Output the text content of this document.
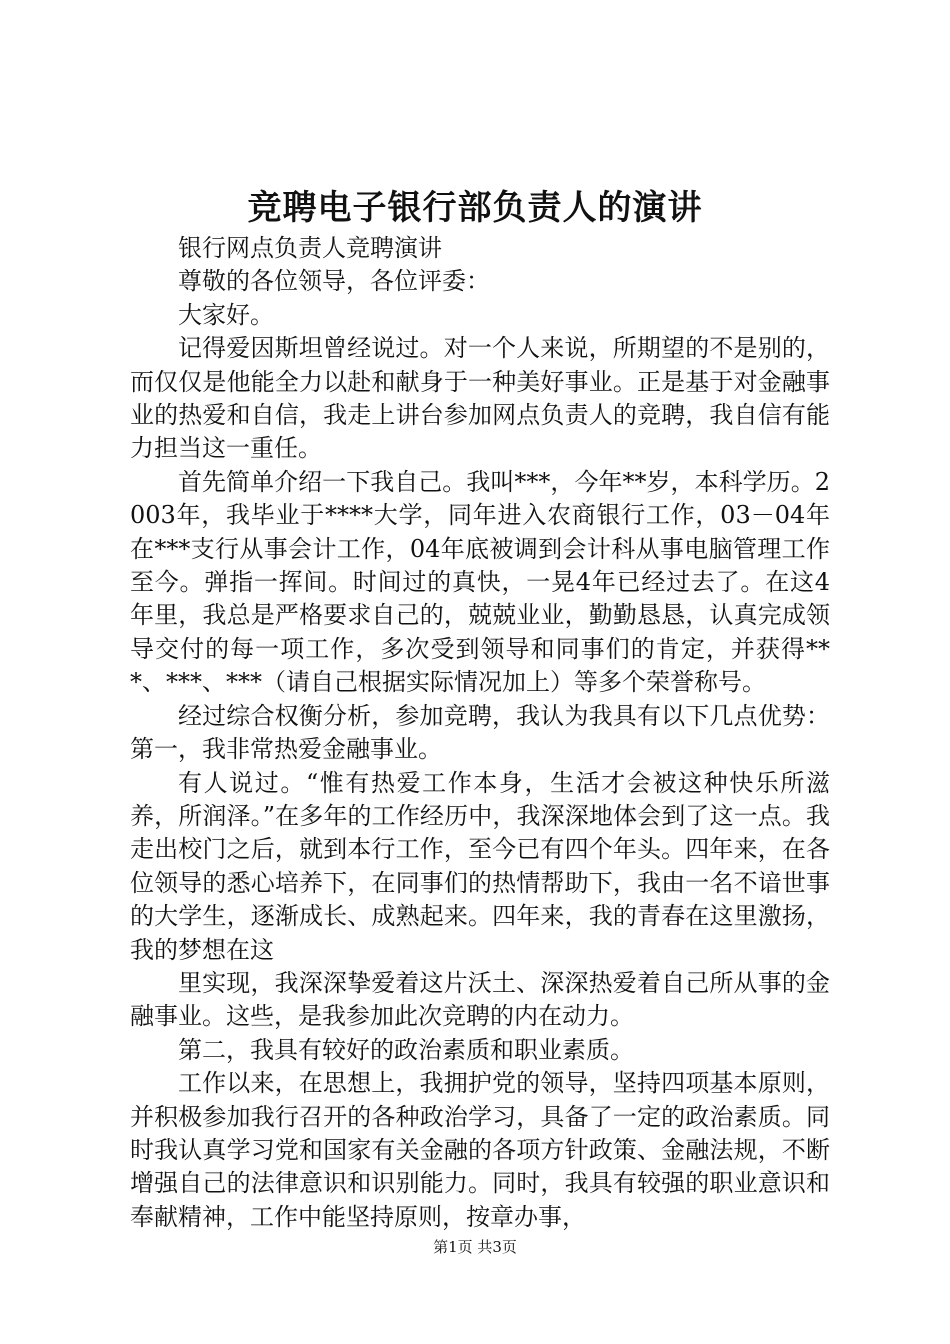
竞聘电子银行部负责人的演讲

银行网点负责人竞聘演讲

尊敬的各位领导，各位评委：

大家好。

记得爱因斯坦曾经说过。对一个人来说，所期望的不是别的，而仅仅是他能全力以赴和献身于一种美好事业。正是基于对金融事业的热爱和自信，我走上讲台参加网点负责人的竞聘，我自信有能力担当这一重任。

首先简单介绍一下我自己。我叫***，今年**岁，本科学历。2003年，我毕业于****大学，同年进入农商银行工作，03－04年在***支行从事会计工作，04年底被调到会计科从事电脑管理工作至今。弹指一挥间。时间过的真快，一晃4年已经过去了。在这4年里，我总是严格要求自己的，兢兢业业，勤勤恳恳，认真完成领导交付的每一项工作，多次受到领导和同事们的肯定，并获得***、***、***（请自己根据实际情况加上）等多个荣誉称号。

经过综合权衡分析，参加竞聘，我认为我具有以下几点优势：第一，我非常热爱金融事业。

有人说过。“惟有热爱工作本身，生活才会被这种快乐所滋养，所润泽。”在多年的工作经历中，我深深地体会到了这一点。我走出校门之后，就到本行工作，至今已有四个年头。四年来，在各位领导的悉心培养下，在同事们的热情帮助下，我由一名不谙世事的大学生，逐渐成长、成熟起来。四年来，我的青春在这里激扬，我的梦想在这

里实现，我深深挚爱着这片沃土、深深热爱着自己所从事的金融事业。这些，是我参加此次竞聘的内在动力。

第二，我具有较好的政治素质和职业素质。

工作以来，在思想上，我拥护党的领导，坚持四项基本原则，并积极参加我行召开的各种政治学习，具备了一定的政治素质。同时我认真学习党和国家有关金融的各项方针政策、金融法规，不断增强自己的法律意识和识别能力。同时，我具有较强的职业意识和奉献精神，工作中能坚持原则，按章办事，

第1页 共3页
